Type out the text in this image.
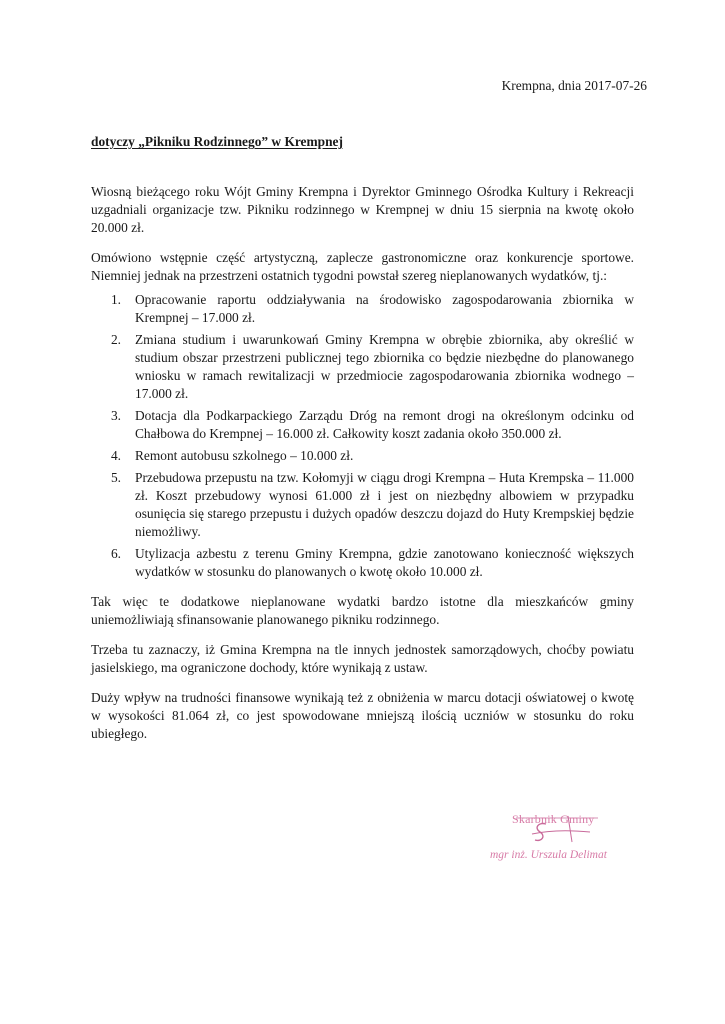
Krempna, dnia 2017-07-26
dotyczy „Pikniku Rodzinnego” w Krempnej

Wiosną bieżącego roku Wójt Gminy Krempna i Dyrektor Gminnego Ośrodka Kultury i Rekreacji uzgadniali organizacje tzw. Pikniku rodzinnego w Krempnej w dniu 15 sierpnia na kwotę około 20.000 zł.

Omówiono wstępnie część artystyczną, zaplecze gastronomiczne oraz konkurencje sportowe. Niemniej jednak na przestrzeni ostatnich tygodni powstał szereg nieplanowanych wydatków, tj.:

1.	Opracowanie raportu oddziaływania na środowisko zagospodarowania zbiornika w Krempnej – 17.000 zł.
2.	Zmiana studium i uwarunkowań Gminy Krempna w obrębie zbiornika, aby określić w studium obszar przestrzeni publicznej tego zbiornika co będzie niezbędne do planowanego wniosku w ramach rewitalizacji w przedmiocie zagospodarowania zbiornika wodnego – 17.000 zł.
3.	Dotacja dla Podkarpackiego Zarządu Dróg na remont drogi na określonym odcinku od Chałbowa do Krempnej – 16.000 zł. Całkowity koszt zadania około 350.000 zł.
4.	Remont autobusu szkolnego – 10.000 zł.
5.	Przebudowa przepustu na tzw. Kołomyji w ciągu drogi Krempna – Huta Krempska – 11.000 zł. Koszt przebudowy wynosi 61.000 zł i jest on niezbędny albowiem w przypadku osunięcia się starego przepustu i dużych opadów deszczu dojazd do Huty Krempskiej będzie niemożliwy.
6.	Utylizacja azbestu z terenu Gminy Krempna, gdzie zanotowano konieczność większych wydatków w stosunku do planowanych o kwotę około 10.000 zł.

Tak więc te dodatkowe nieplanowane wydatki bardzo istotne dla mieszkańców gminy uniemożliwiają sfinansowanie planowanego pikniku rodzinnego.

Trzeba tu zaznaczy, iż Gmina Krempna na tle innych jednostek samorządowych, choćby powiatu jasielskiego, ma ograniczone dochody, które wynikają z ustaw.

Duży wpływ na trudności finansowe wynikają też z obniżenia w marcu dotacji oświatowej o kwotę w wysokości 81.064 zł, co jest spowodowane mniejszą ilością uczniów w stosunku do roku ubiegłego.

Skarbnik Gminy
mgr inż. Urszula Delimat
